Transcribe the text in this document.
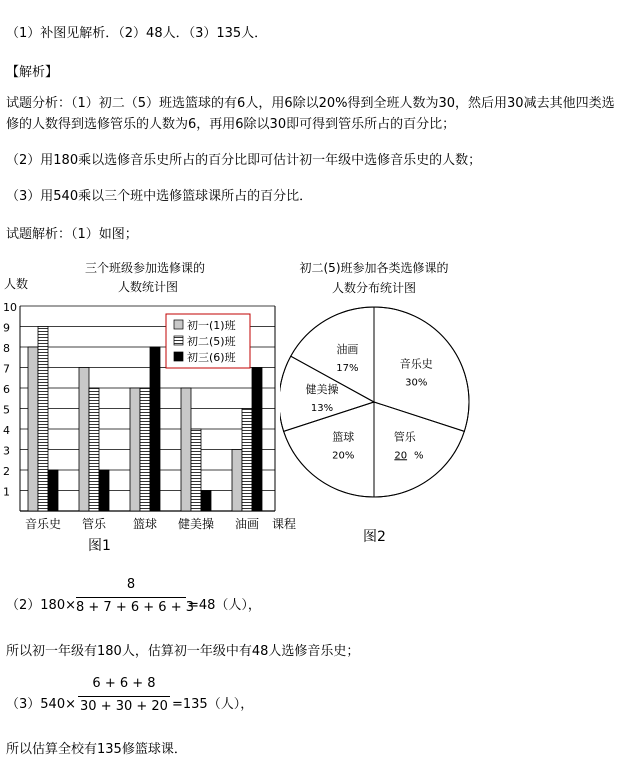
（1）补图见解析．（2）48人．（3）135人．
【解析】
试题分析：（1）初二（5）班选篮球的有6人，用6除以20%得到全班人数为30，然后用30减去其他四类选修的人数得到选修管乐的人数为6，再用6除以30即可得到管乐所占的百分比；
（2）用180乘以选修音乐史所占的百分比即可估计初一年级中选修音乐史的人数；
（3）用540乘以三个班中选修篮球课所占的百分比．
试题解析：（1）如图；
三个班级参加选修课的
人数统计图
人数
课程
图1
1
2
3
4
5
6
7
8
9
10
音乐史 管乐 篮球 健美操 油画
初一(1)班
初二(5)班
初三(6)班
初二(5)班参加各类选修课的
人数分布统计图
图2
音乐史
30%
管乐
20 %
篮球
20%
健美操
13%
油画
17%
（2）180×
8
8 + 7 + 6 + 6 + 3
=48（人），
所以初一年级有180人，估算初一年级中有48人选修音乐史；
（3）540×
6 + 6 + 8
30 + 30 + 20 =135（人），
所以估算全校有135修篮球课．
